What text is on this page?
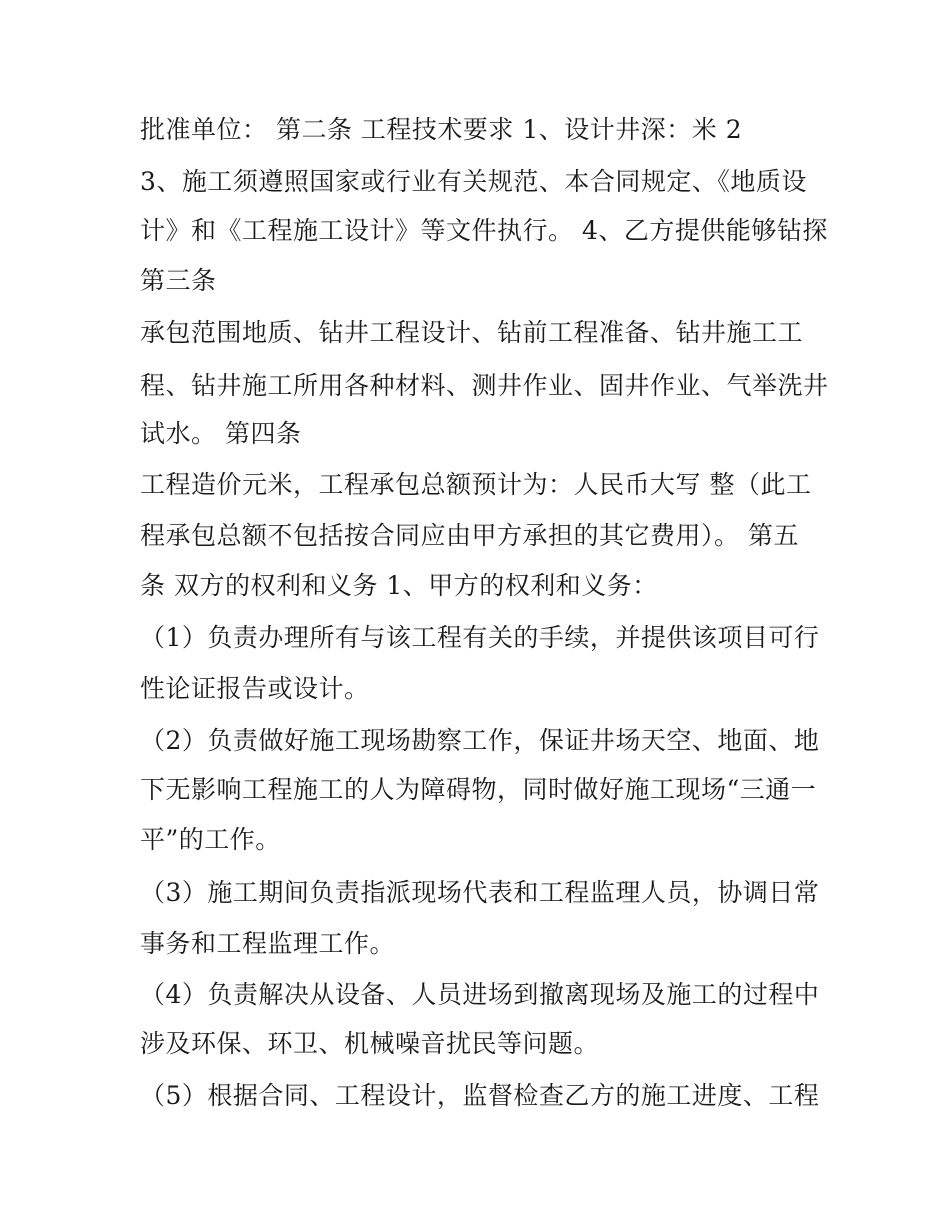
批准单位： 第二条 工程技术要求 1、设计井深：米 2
3、施工须遵照国家或行业有关规范、本合同规定、《地质设
计》和《工程施工设计》等文件执行。 4、乙方提供能够钻探
第三条
承包范围地质、钻井工程设计、钻前工程准备、钻井施工工
程、钻井施工所用各种材料、测井作业、固井作业、气举洗井
试水。 第四条
工程造价元米，工程承包总额预计为：人民币大写 整（此工
程承包总额不包括按合同应由甲方承担的其它费用）。 第五
条 双方的权利和义务 1、甲方的权利和义务：
（1）负责办理所有与该工程有关的手续，并提供该项目可行
性论证报告或设计。
（2）负责做好施工现场勘察工作，保证井场天空、地面、地
下无影响工程施工的人为障碍物，同时做好施工现场“三通一
平”的工作。
（3）施工期间负责指派现场代表和工程监理人员，协调日常
事务和工程监理工作。
（4）负责解决从设备、人员进场到撤离现场及施工的过程中
涉及环保、环卫、机械噪音扰民等问题。
（5）根据合同、工程设计，监督检查乙方的施工进度、工程
